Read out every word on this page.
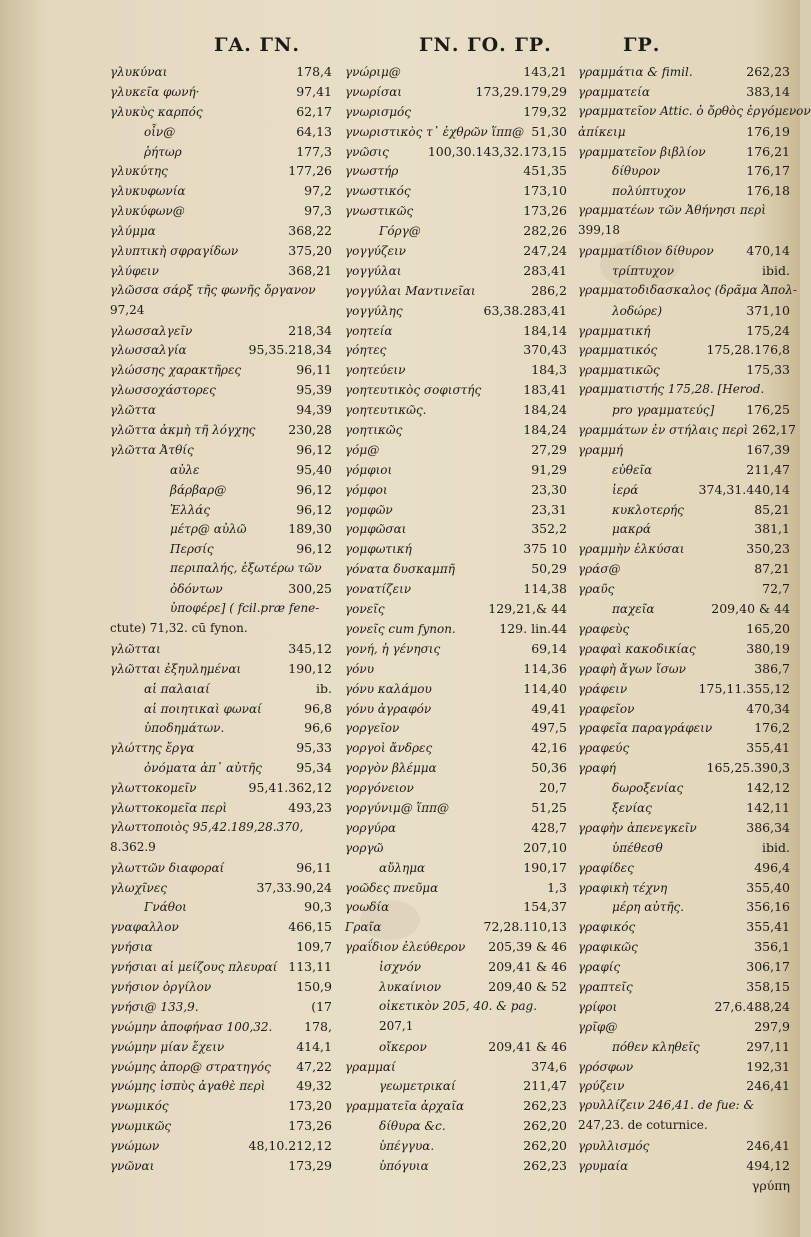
ΓΑ. ΓΝ.	ΓΝ. ΓΟ. ΓΡ.	ΓΡ.
γλυκύναι	178,4
γλυκεῖα φωνή·	97,41
γλυκὺς καρπός	62,17
οἶν@	64,13
ῥήτωρ	177,3
γλυκύτης	177,26
γλυκυφωνία	97,2
γλυκύφων@	97,3
γλύμμα	368,22
γλυπτικὴ σφραγίδων	375,20
γλύφειν	368,21
γλῶσσα σάρξ τῆς φωνῆς ὄργανον
97,24
γλωσσαλγεῖν	218,34
γλωσσαλγία	95,35.218,34
γλώσσης χαρακτῆρες	96,11
γλωσσοχάστορες	95,39
γλῶττα	94,39
γλῶττα ἀκμὴ τῆ λόγχης	230,28
γλῶττα Ἀτθίς	96,12
αὐλε	95,40
βάρβαρ@	96,12
Ἑλλάς	96,12
μέτρ@ αὐλῶ	189,30
Περσίς	96,12
περιπαλής, ἐξωτέρω τῶν
ὀδόντων	300,25
ὑποφέρε] ( fcil.præ fene-
ctute) 71,32. cū fynon.
γλῶτται	345,12
γλῶτται ἐξηυλημέναι	190,12
αἱ παλαιαί	ib.
αἱ ποιητικαὶ φωναί	96,8
ὑποδημάτων.	96,6
γλώττης ἔργα	95,33
ὀνόματα ἀπ᾽ αὐτῆς	95,34
γλωττοκομεῖν	95,41.362,12
γλωττοκομεῖα περὶ	493,23
γλωττοποιὸς 95,42.189,28.370,
8.362.9
γλωττῶν διαφοραί	96,11
γλωχῖνες	37,33.90,24
Γνάθοι	90,3
γναφαλλον	466,15
γνήσια	109,7
γνήσιαι αἱ μείζους πλευραί 113,11
γνήσιον ὀργίλον	150,9
γνήσι@ 133,9.	(17
γνώμην ἀποφήνασ 100,32.	178,
γνώμην μίαν ἔχειν	414,1
γνώμης ἀπορ@ στρατηγός	47,22
γνώμης ἰσπὺς ἀγαθὲ περὶ	49,32
γνωμικός	173,20
γνωμικῶς	173,26
γνώμων	48,10.212,12
γνῶναι	173,29
γνώριμ@	143,21
γνωρίσαι	173,29.179,29
γνωρισμός	179,32
γνωριστικὸς τ᾽ ἐχθρῶν ἵππ@ 51,30
γνῶσις	100,30.143,32.173,15
γνωστήρ	451,35
γνωστικός	173,10
γνωστικῶς	173,26
Γόργ@	282,26
γογγύζειν	247,24
γογγύλαι	283,41
γογγύλαι Μαντινεῖαι	286,2
γογγύλης	63,38.283,41
γοητεία	184,14
γόητες	370,43
γοητεύειν	184,3
γοητευτικὸς σοφιστής	183,41
γοητευτικῶς.	184,24
γοητικῶς	184,24
γόμ@	27,29
γόμφιοι	91,29
γόμφοι	23,30
γομφῶν	23,31
γομφῶσαι	352,2
γομφωτική	375 10
γόνατα δυσκαμπῆ	50,29
γονατίζειν	114,38
γονεῖς	129,21,& 44
γονεῖς cum fynon.	129. lin.44
γονή, ἡ γένησις	69,14
γόνυ	114,36
γόνυ καλάμου	114,40
γόνυ ἀγραφόν	49,41
γοργεῖον	497,5
γοργοὶ ἄνδρες	42,16
γοργὸν βλέμμα	50,36
γοργόνειον	20,7
γοργύνιμ@ ἵππ@	51,25
γοργύρα	428,7
γοργῶ	207,10
αὔλημα	190,17
γοῶδες πνεῦμα	1,3
γοωδία	154,37
Γραῖα	72,28.110,13
γραΐδιον ἐλεύθερον	205,39 & 46
ἰσχνόν	209,41 & 46
λυκαίνιον	209,40 & 52
οἰκετικὸν 205, 40. & pag.
207,1
οἴκερον	209,41 & 46
γραμμαί	374,6
γεωμετρικαί	211,47
γραμματεῖα ἀρχαῖα	262,23
δίθυρα &c.	262,20
ὑπέγγυα.	262,20
ὑπόγυια	262,23
γραμμάτια & fimil.	262,23
γραμματεία	383,14
γραμματεῖον Attic. ὁ ὄρθὸς ἐργόμενον
ἀπίκειμ	176,19
γραμματεῖον βιβλίον	176,21
δίθυρον	176,17
πολύπτυχον	176,18
γραμματέων τῶν Ἀθήνησι περὶ
399,18
γραμματίδιον δίθυρον	470,14
τρίπτυχον	ibid.
γραμματοδιδασκαλος (δρᾶμα Ἀπολ-
λοδώρε)	371,10
γραμματική	175,24
γραμματικός	175,28.176,8
γραμματικῶς	175,33
γραμματιστής 175,28. [Herod.
pro γραμματεύς]	176,25
γραμμάτων ἐν στήλαις περὶ 262,17
γραμμή	167,39
εὐθεῖα	211,47
ἱερά	374,31.440,14
κυκλοτερής	85,21
μακρά	381,1
γραμμὴν ἑλκύσαι	350,23
γράσ@	87,21
γραῦς	72,7
παχεῖα	209,40 & 44
γραφεὺς	165,20
γραφαὶ κακοδικίας	380,19
γραφὴ ἄγων ἴσων	386,7
γράφειν	175,11.355,12
γραφεῖον	470,34
γραφεῖα παραγράφειν	176,2
γραφεύς	355,41
γραφή	165,25.390,3
δωροξενίας	142,12
ξενίας	142,11
γραφὴν ἀπενεγκεῖν	386,34
ὑπέθεσθ	ibid.
γραφίδες	496,4
γραφικὴ τέχνη	355,40
μέρη αὐτῆς.	356,16
γραφικός	355,41
γραφικῶς	356,1
γραφίς	306,17
γραπτεῖς	358,15
γρίφοι	27,6.488,24
γρῖφ@	297,9
πόθεν κληθεῖς	297,11
γρόσφων	192,31
γρύζειν	246,41
γρυλλίζειν 246,41. de fue: &
247,23. de coturnice.
γρυλλισμός	246,41
γρυμαία	494,12
γρύπη
